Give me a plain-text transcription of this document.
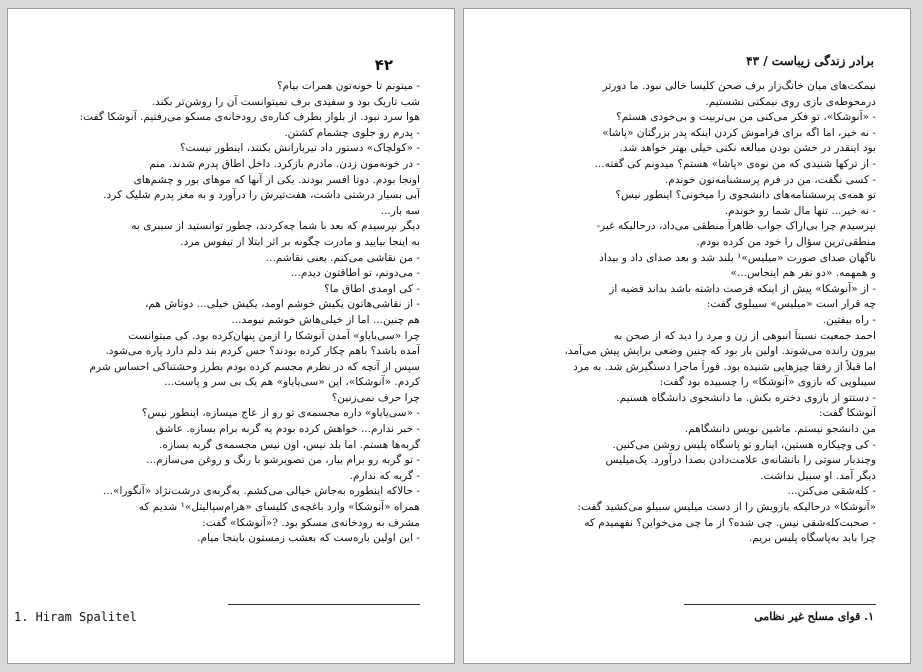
۴۲
- میتونم تا خونه‌تون همرات بیام؟
شب تاریک بود و سفیدی برف نمیتوانست آن را روشن‌تر بکند.
هوا سرد نبود. از بلوار بطرف کناره‌ی رودخانه‌ی مسکو می‌رفتیم. آنوشکا گفت:
- پدرم رو جلوی چشمام کشتن.
- «کولچاک» دستور داد تیربارانش بکنند، اینطور نیست؟
- در خونه‌مون زدن. مادرم بازکرد. داخل اطاق پدرم شدند. منم
اونجا بودم. دوتا افسر بودند. یکی از آنها که موهای بور و چشم‌های
آبی بسیار درشتی داشت، هفت‌تیرش را درآورد و به مغز پدرم شلیک کرد.
سه بار...
دیگر نپرسیدم که بعد با شما چه‌کردند، چطور توانستید از سیبری به
به اینجا بیایید و مادرت چگونه بر اثر ابتلا از تیفوس مرد.
- من نقاشی می‌کنم. یعنی نقاشم...
- می‌دونم، تو اطاقتون دیدم...
- کی اومدی اطاق ما؟
- از نقاشی‌هاتون یکیش خوشم اومد، یکیش خیلی... دوتاش هم،
هم چنین... اما از خیلی‌هاش خوشم نیومد...
چرا «سی‌یا‌یاو» آمدن آنوشکا را ازمن پنهان‌کرده بود. کی میتوانست
آمده باشد؟ باهم چکار کرده بودند؟ حس کردم بند دلم دارد پاره می‌شود.
سپس از آنچه که در نظرم مجسم کرده بودم بطرز وحشتناکی احساس شرم
کردم. «آنوشکا»، این «سی‌یا‌یاو» هم یک بی سر و پاست...
چرا حرف نمی‌زنین؟
- «سی‌یا‌یاو» داره مجسمه‌ی تو رو از عاج میسازه، اینطور نیس؟
- خبر ندارم... خواهش کرده بودم یه گربه برام بسازه. عاشق
گربه‌ها هستم. اما بلد نیس، اون نیس مجسمه‌ی گربه بسازه.
- تو گربه رو برام بیار، من تصویرشو با رنگ و روغن می‌سازم...
- گربه که ندارم.
- حالاکه اینطوره به‌جاش خیالی می‌کشم. یه‌گربه‌ی درشت‌نژاد «آنگورا»...
همراه «آنوشکا» وارد باغچه‌ی کلیسای «هرام‌سپالیتل»¹ شدیم که
مشرف به رودخانه‌ی مسکو بود. ?«آنوشکا» گفت:
- این اولین باره‌ست که بعشب زمستون باینجا میام.
1. Hiram Spalitel
برادر زندگی زیباست / ۴۳
نیمکت‌های میان خانگ‌زار برف صحن کلیسا خالی نبود. ما دورتر
درمحوطه‌ی بازی روی نیمکتی نشستیم.
- «آنوشکا»، تو فکر می‌کنی من بی‌تربیت و بی‌خودی هستم؟
- نه خیر، اما اگه برای فراموش کردن اینکه پدر بزرگتان «پاشا»
بود اینقدر در خشن بودن مبالغه نکنی خیلی بهتر خواهد شد.
- از ترکها شنیدی که من نوه‌ی «پاشا» هستم؟ میدونم کی گفته...
- کسی نگفت، من در فرم پرسشنامه‌تون خوندم.
تو همه‌ی پرسشنامه‌های دانشجوی را میخونی؟ اینطور نیس؟
- نه خیر... تنها مال شما رو خوندم.
نپرسیدم چرا بی‌اراک جواب ظاهراً منطقی می‌داد، درحالیکه غیر-
منطقی‌ترین سؤال را خود من کرده بودم.
ناگهان صدای صورت «میلیس»¹ بلند شد و بعد صدای داد و بیداد
و همهمه. «دو نفر هم اینجاس...»
- از «آنوشکا» پیش از اینکه فرصت داشته باشد بداند قضیه از
چه قرار است «میلیس» سیبلوی گفت:
- راه بیفتین.
احمد جمعیت نسبتاً انبوهی از زن و مرد را دید که از صحن به
بیرون رانده می‌شوند. اولین بار بود که چنین وضعی برایش پیش می‌آمد،
اما قبلاً از رفقا چیزهایی شنیده بود. فوراً ماجرا دستگیرش شد. به مرد
سیبلویی که بازوی «آنوشکا» را چسبیده بود گفت:
- دستتو از بازوی دختره بکش. ما دانشجوی دانشگاه هستیم.
آنوشکا گفت:
من دانشجو نیستم. ماشین نویس دانشگاهم.
- کی وچیکاره هستین، اینارو تو پاسگاه پلیس روشن می‌کنین.
وچندبار سوتی را بانشانه‌ی علامت‌دادن بصدا درآورد. یک‌میلیس
دیگر آمد. او سبیل نداشت.
- کله‌شقی می‌کنن...
«آنوشکا» درحالیکه بازویش را از دست میلیس سبیلو می‌کشید گفت:
- صحبت‌کله‌شقی نیس. چی شده؟ از ما چی می‌خواین؟ نفهمیدم که
چرا باید به‌پاسگاه پلیس بریم.
۱. قوای مسلح غیر نظامی
